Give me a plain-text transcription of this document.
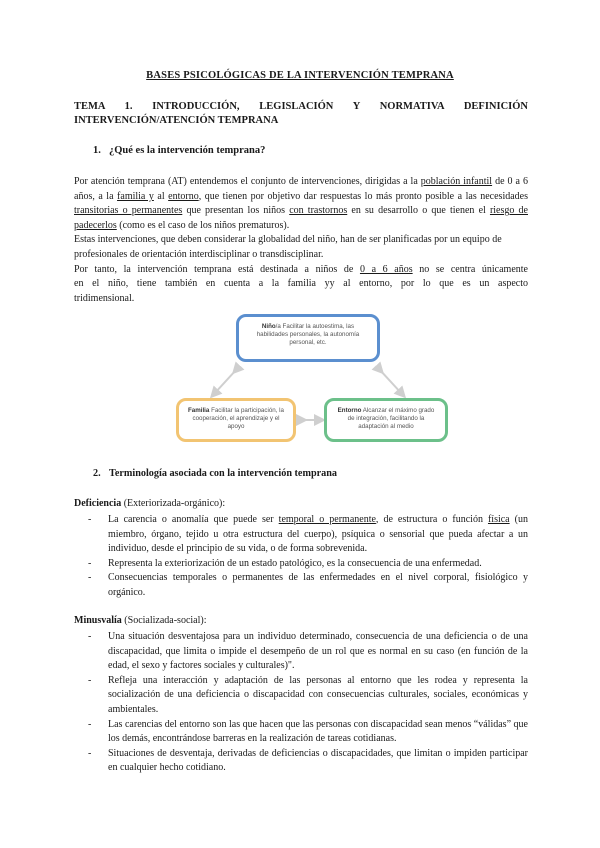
BASES PSICOLÓGICAS DE LA INTERVENCIÓN TEMPRANA
TEMA 1. INTRODUCCIÓN, LEGISLACIÓN Y NORMATIVA DEFINICIÓN
INTERVENCIÓN/ATENCIÓN TEMPRANA
1. ¿Qué es la intervención temprana?

Por atención temprana (AT) entendemos el conjunto de intervenciones, dirigidas a la población infantil de 0 a 6 años, a la familia y al entorno, que tienen por objetivo dar respuestas lo más pronto posible a las necesidades transitorias o permanentes que presentan los niños con trastornos en su desarrollo o que tienen el riesgo de padecerlos (como es el caso de los niños prematuros).

Estas intervenciones, que deben considerar la globalidad del niño, han de ser planificadas por un equipo de profesionales de orientación interdisciplinar o transdisciplinar.

Por tanto, la intervención temprana está destinada a niños de 0 a 6 años no se centra únicamente
en el niño, tiene también en cuenta a la familia yy al entorno, por lo que es un aspecto
tridimensional.

Niño/a Facilitar la autoestima, las habilidades personales, la autonomía personal, etc.
Familia Facilitar la participación, la cooperación, el aprendizaje y el apoyo
Entorno Alcanzar el máximo grado de integración, facilitando la adaptación al medio
2. Terminología asociada con la intervención temprana
Deficiencia (Exteriorizada-orgánico):
- La carencia o anomalía que puede ser temporal o permanente, de estructura o función física (un miembro, órgano, tejido u otra estructura del cuerpo), psíquica o sensorial que pueda afectar a un individuo, desde el principio de su vida, o de forma sobrevenida.

- Representa la exteriorización de un estado patológico, es la consecuencia de una enfermedad.

- Consecuencias temporales o permanentes de las enfermedades en el nivel corporal, fisiológico y orgánico.

Minusvalía (Socializada-social):
- Una situación desventajosa para un individuo determinado, consecuencia de una deficiencia o de una discapacidad, que limita o impide el desempeño de un rol que es normal en su caso (en función de la edad, el sexo y factores sociales y culturales)".

- Refleja una interacción y adaptación de las personas al entorno que les rodea y representa la socialización de una deficiencia o discapacidad con consecuencias culturales, sociales, económicas y ambientales.

- Las carencias del entorno son las que hacen que las personas con discapacidad sean menos “válidas” que los demás, encontrándose barreras en la realización de tareas cotidianas.

- Situaciones de desventaja, derivadas de deficiencias o discapacidades, que limitan o impiden participar en cualquier hecho cotidiano.
